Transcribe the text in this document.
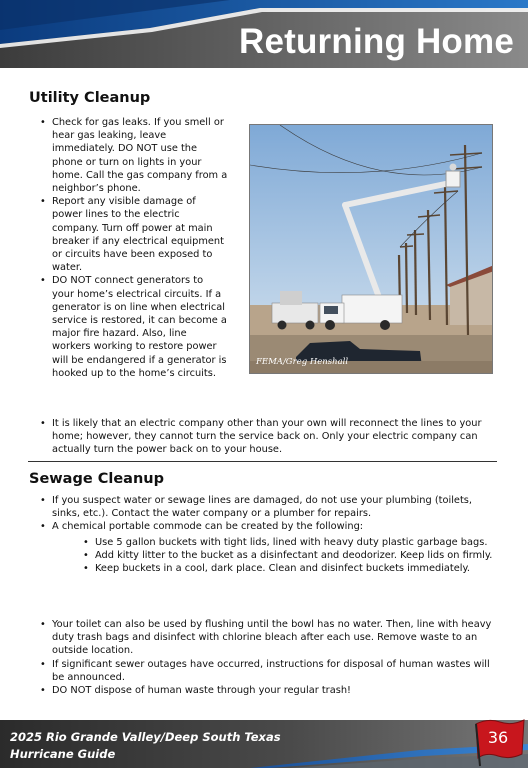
Returning Home
Utility Cleanup
• Check for gas leaks. If you smell or hear gas leaking, leave immediately. DO NOT use the phone or turn on lights in your home. Call the gas company from a neighbor’s phone.
• Report any visible damage of power lines to the electric company. Turn off power at main breaker if any electrical equipment or circuits have been exposed to water.
• DO NOT connect generators to your home’s electrical circuits. If a generator is on line when electrical service is restored, it can become a major fire hazard. Also, line workers working to restore power will be endangered if a generator is hooked up to the home’s circuits.
• It is likely that an electric company other than your own will reconnect the lines to your home; however, they cannot turn the service back on. Only your electric company can actually turn the power back on to your house.
FEMA/Greg Henshall
Sewage Cleanup
• If you suspect water or sewage lines are damaged, do not use your plumbing (toilets, sinks, etc.). Contact the water company or a plumber for repairs.
• A chemical portable commode can be created by the following:
• Use 5 gallon buckets with tight lids, lined with heavy duty plastic garbage bags.
• Add kitty litter to the bucket as a disinfectant and deodorizer. Keep lids on firmly.
• Keep buckets in a cool, dark place. Clean and disinfect buckets immediately.
• Your toilet can also be used by flushing until the bowl has no water. Then, line with heavy duty trash bags and disinfect with chlorine bleach after each use. Remove waste to an outside location.
• If significant sewer outages have occurred, instructions for disposal of human wastes will be announced.
• DO NOT dispose of human waste through your regular trash!
2025 Rio Grande Valley/Deep South Texas
Hurricane Guide
36
